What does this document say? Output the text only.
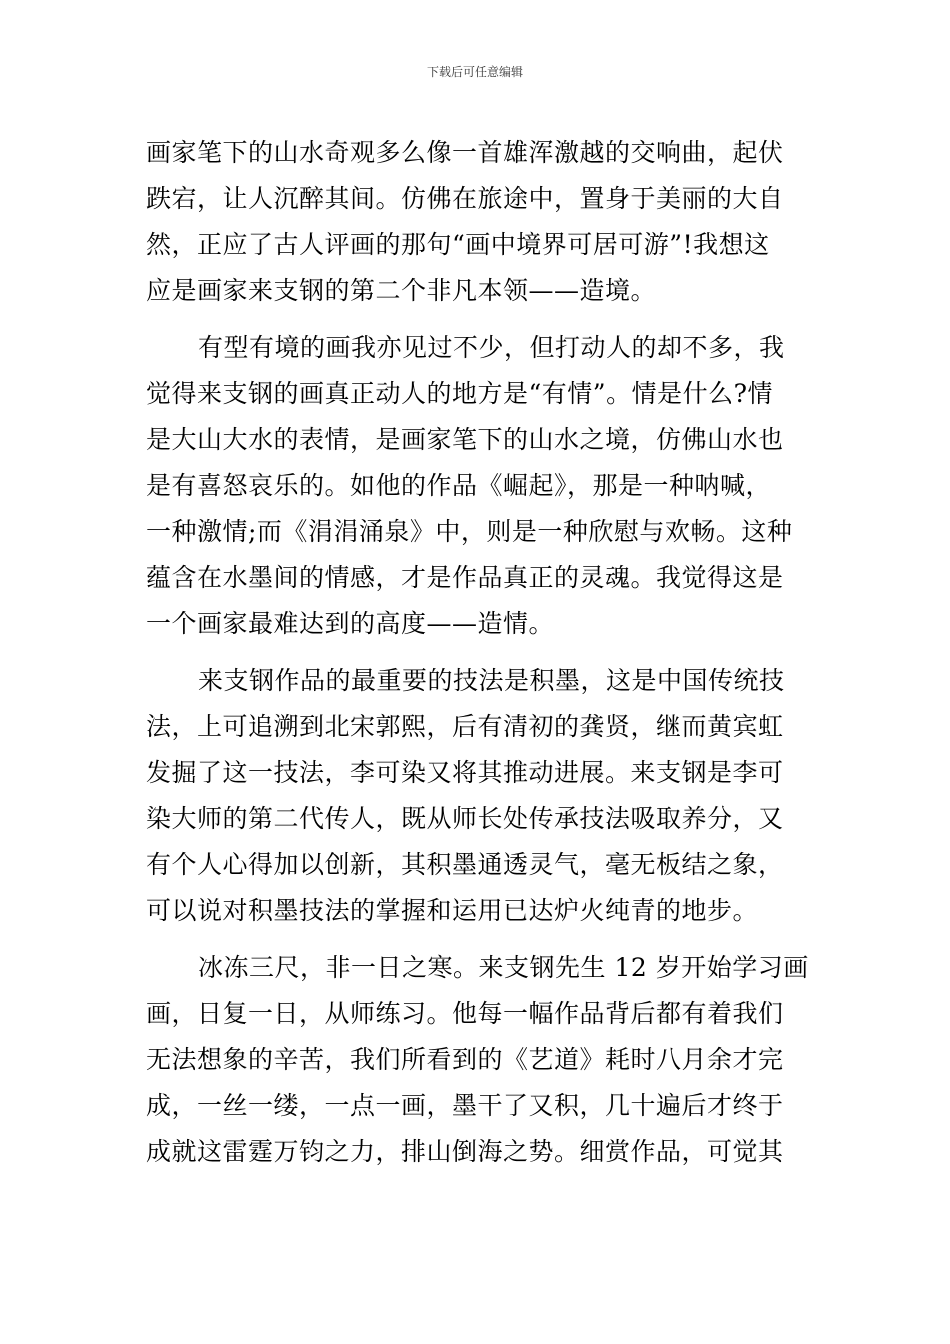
下载后可任意编辑
画家笔下的山水奇观多么像一首雄浑激越的交响曲，起伏
跌宕，让人沉醉其间。仿佛在旅途中，置身于美丽的大自
然，正应了古人评画的那句“画中境界可居可游”!我想这
应是画家来支钢的第二个非凡本领——造境。
有型有境的画我亦见过不少，但打动人的却不多，我
觉得来支钢的画真正动人的地方是“有情”。情是什么?情
是大山大水的表情，是画家笔下的山水之境，仿佛山水也
是有喜怒哀乐的。如他的作品《崛起》，那是一种呐喊，
一种激情;而《涓涓涌泉》中，则是一种欣慰与欢畅。这种
蕴含在水墨间的情感，才是作品真正的灵魂。我觉得这是
一个画家最难达到的高度——造情。
来支钢作品的最重要的技法是积墨，这是中国传统技
法，上可追溯到北宋郭熙，后有清初的龚贤，继而黄宾虹
发掘了这一技法，李可染又将其推动进展。来支钢是李可
染大师的第二代传人，既从师长处传承技法吸取养分，又
有个人心得加以创新，其积墨通透灵气，毫无板结之象，
可以说对积墨技法的掌握和运用已达炉火纯青的地步。
冰冻三尺，非一日之寒。来支钢先生 12 岁开始学习画
画，日复一日，从师练习。他每一幅作品背后都有着我们
无法想象的辛苦，我们所看到的《艺道》耗时八月余才完
成，一丝一缕，一点一画，墨干了又积，几十遍后才终于
成就这雷霆万钧之力，排山倒海之势。细赏作品，可觉其
